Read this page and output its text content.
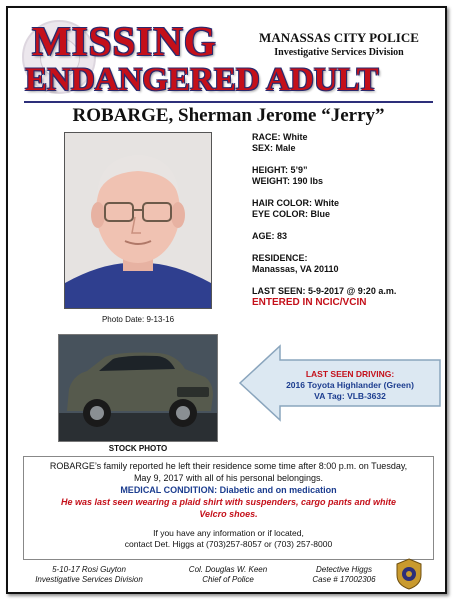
MISSING
ENDANGERED ADULT
MANASSAS CITY POLICE
Investigative Services Division
ROBARGE, Sherman Jerome “Jerry”
Photo Date: 9-13-16
RACE: White
SEX: Male
HEIGHT: 5’9”
WEIGHT: 190 lbs
HAIR COLOR: White
EYE COLOR: Blue
AGE: 83
RESIDENCE:
Manassas, VA 20110
LAST SEEN: 5-9-2017 @ 9:20 a.m.
ENTERED IN NCIC/VCIN
STOCK PHOTO
LAST SEEN DRIVING:
2016 Toyota Highlander (Green)
VA Tag: VLB-3632
ROBARGE’s family reported he left their residence some time after 8:00 p.m. on Tuesday,
May 9, 2017 with all of his personal belongings.
MEDICAL CONDITION: Diabetic and on medication
He was last seen wearing a plaid shirt with suspenders, cargo pants and white
Velcro shoes.
If you have any information or if located,
contact Det. Higgs at (703)257-8057 or (703) 257-8000
5-10-17 Rosi Guyton
Investigative Services Division
Col. Douglas W. Keen
Chief of Police
Detective Higgs
Case # 17002306
